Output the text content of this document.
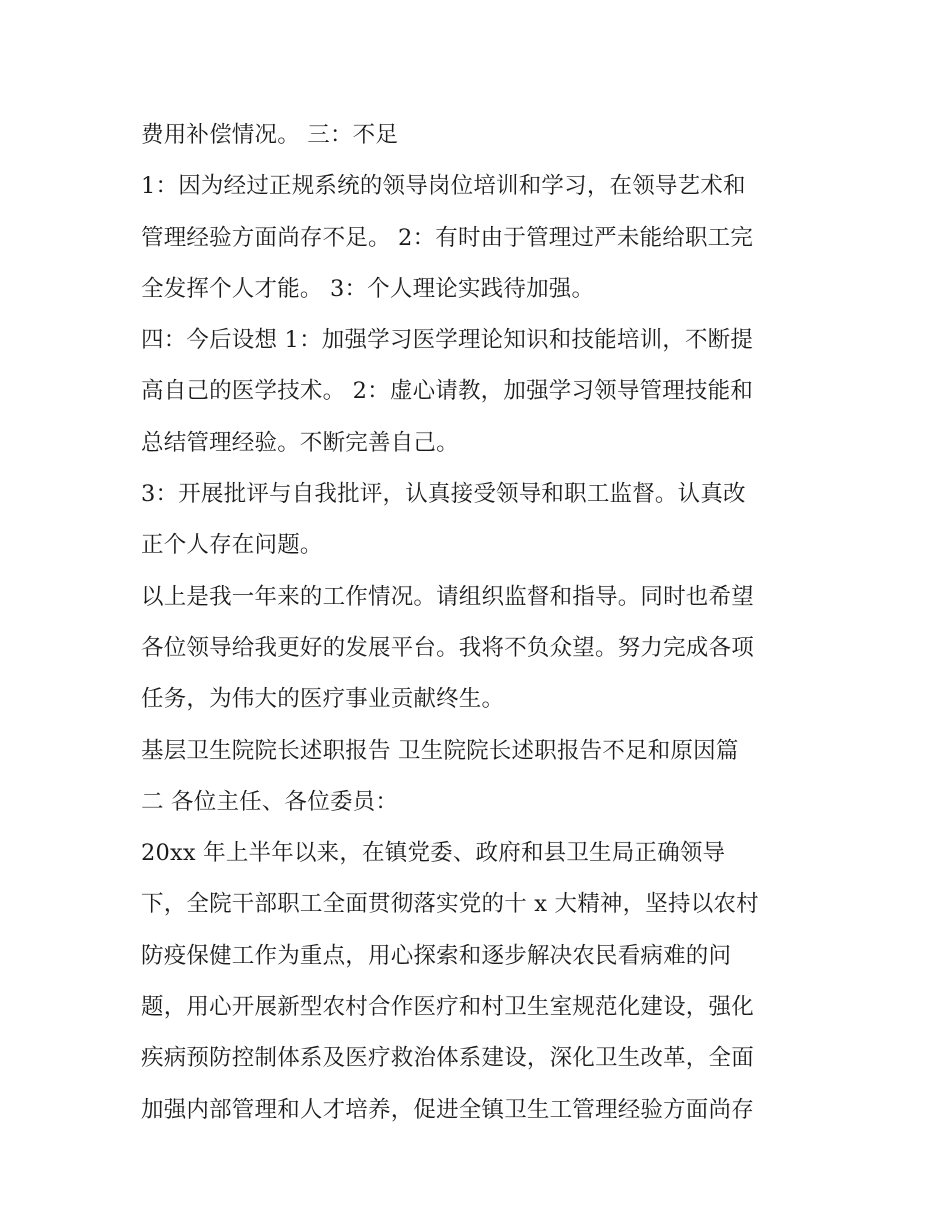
费用补偿情况。 三：不足
1：因为经过正规系统的领导岗位培训和学习，在领导艺术和
管理经验方面尚存不足。 2：有时由于管理过严未能给职工完
全发挥个人才能。 3：个人理论实践待加强。
四：今后设想 1：加强学习医学理论知识和技能培训，不断提
高自己的医学技术。 2：虚心请教，加强学习领导管理技能和
总结管理经验。不断完善自己。
3：开展批评与自我批评，认真接受领导和职工监督。认真改
正个人存在问题。
以上是我一年来的工作情况。请组织监督和指导。同时也希望
各位领导给我更好的发展平台。我将不负众望。努力完成各项
任务，为伟大的医疗事业贡献终生。
基层卫生院院长述职报告 卫生院院长述职报告不足和原因篇
二 各位主任、各位委员：
20xx 年上半年以来，在镇党委、政府和县卫生局正确领导
下，全院干部职工全面贯彻落实党的十 x 大精神，坚持以农村
防疫保健工作为重点，用心探索和逐步解决农民看病难的问
题，用心开展新型农村合作医疗和村卫生室规范化建设，强化
疾病预防控制体系及医疗救治体系建设，深化卫生改革，全面
加强内部管理和人才培养，促进全镇卫生工管理经验方面尚存
